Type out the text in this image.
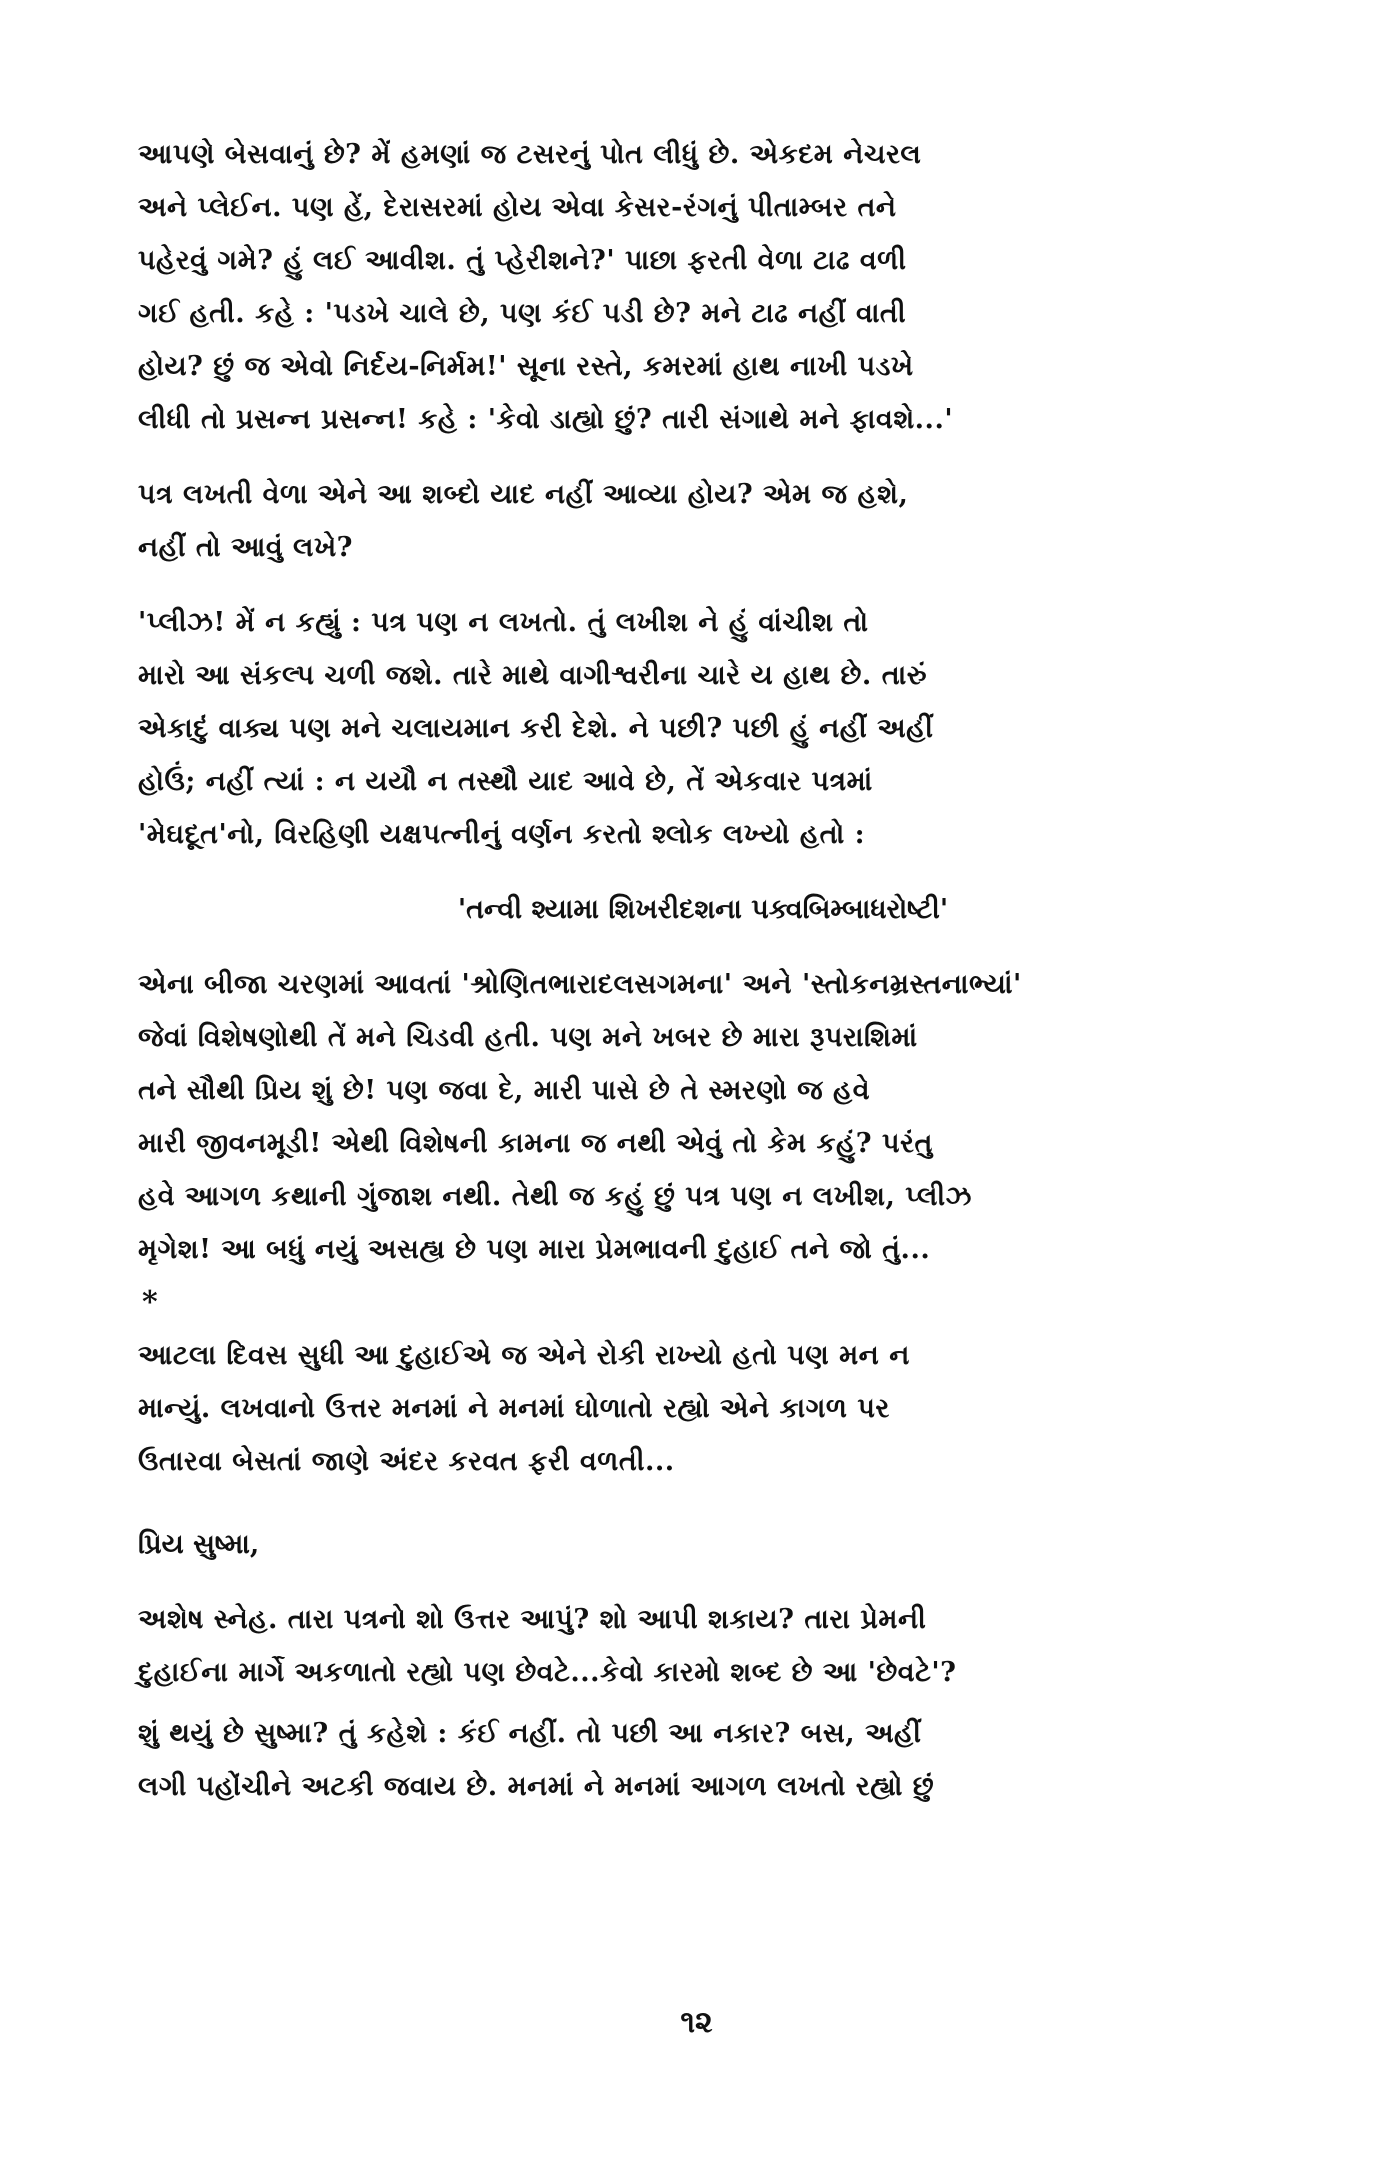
આપણે બેસવાનું છે? મેં હમણાં જ ટસરનું પોત લીધું છે. એકદમ નેચરલ
અને પ્લેઈન. પણ હેં, દેરાસરમાં હોય એવા કેસર-રંગનું પીતામ્બર તને
પહેરવું ગમે? હું લઈ આવીશ. તું પ્હેરીશને?' પાછા ફરતી વેળા ટાઢ વળી
ગઈ હતી. કહે : 'પડખે ચાલે છે, પણ કંઈ પડી છે? મને ટાઢ નહીં વાતી
હોય? છું જ એવો નિર્દય-નિર્મમ!' સૂના રસ્તે, કમરમાં હાથ નાખી પડખે
લીધી તો પ્રસન્ન પ્રસન્ન! કહે : 'કેવો ડાહ્યો છું? તારી સંગાથે મને ફાવશે...'

પત્ર લખતી વેળા એને આ શબ્દો યાદ નહીં આવ્યા હોય? એમ જ હશે,
નહીં તો આવું લખે?

'પ્લીઝ! મેં ન કહ્યું : પત્ર પણ ન લખતો. તું લખીશ ને હું વાંચીશ તો
મારો આ સંકલ્પ ચળી જશે. તારે માથે વાગીશ્વરીના ચારે ય હાથ છે. તારું
એકાદું વાક્ય પણ મને ચલાયમાન કરી દેશે. ને પછી? પછી હું નહીં અહીં
હોઉં; નહીં ત્યાં : ન યયૌ ન તસ્થૌ યાદ આવે છે, તેં એકવાર પત્રમાં
'મેઘદૂત'નો, વિરહિણી યક્ષપત્નીનું વર્ણન કરતો શ્લોક લખ્યો હતો :

'તન્વી શ્યામા શિખરીદશના પક્વબિમ્બાધરોષ્ટી'

એના બીજા ચરણમાં આવતાં 'શ્રોણિતભારાદલસગમના' અને 'સ્તોકનમ્રસ્તનાભ્યાં'
જેવાં વિશેષણોથી તેં મને ચિડવી હતી. પણ મને ખબર છે મારા રૂપરાશિમાં
તને સૌથી પ્રિય શું છે! પણ જવા દે, મારી પાસે છે તે સ્મરણો જ હવે
મારી જીવનમૂડી! એથી વિશેષની કામના જ નથી એવું તો કેમ કહું? પરંતુ
હવે આગળ કથાની ગુંજાશ નથી. તેથી જ કહું છું પત્ર પણ ન લખીશ, પ્લીઝ
મૃગેશ! આ બધું નયું અસહ્ય છે પણ મારા પ્રેમભાવની દુહાઈ તને જો તું...

*

આટલા દિવસ સુધી આ દુહાઈએ જ એને રોકી રાખ્યો હતો પણ મન ન
માન્યું. લખવાનો ઉત્તર મનમાં ને મનમાં ઘોળાતો રહ્યો એને કાગળ પર
ઉતારવા બેસતાં જાણે અંદર કરવત ફરી વળતી...

પ્રિય સુષ્મા,

અશેષ સ્નેહ. તારા પત્રનો શો ઉત્તર આપું? શો આપી શકાય? તારા પ્રેમની
દુહાઈના માર્ગે અકળાતો રહ્યો પણ છેવટે...કેવો કારમો શબ્દ છે આ 'છેવટે'?

શું થયું છે સુષ્મા? તું કહેશે : કંઈ નહીં. તો પછી આ નકાર? બસ, અહીં
લગી પહોંચીને અટકી જવાય છે. મનમાં ને મનમાં આગળ લખતો રહ્યો છું

૧૨
